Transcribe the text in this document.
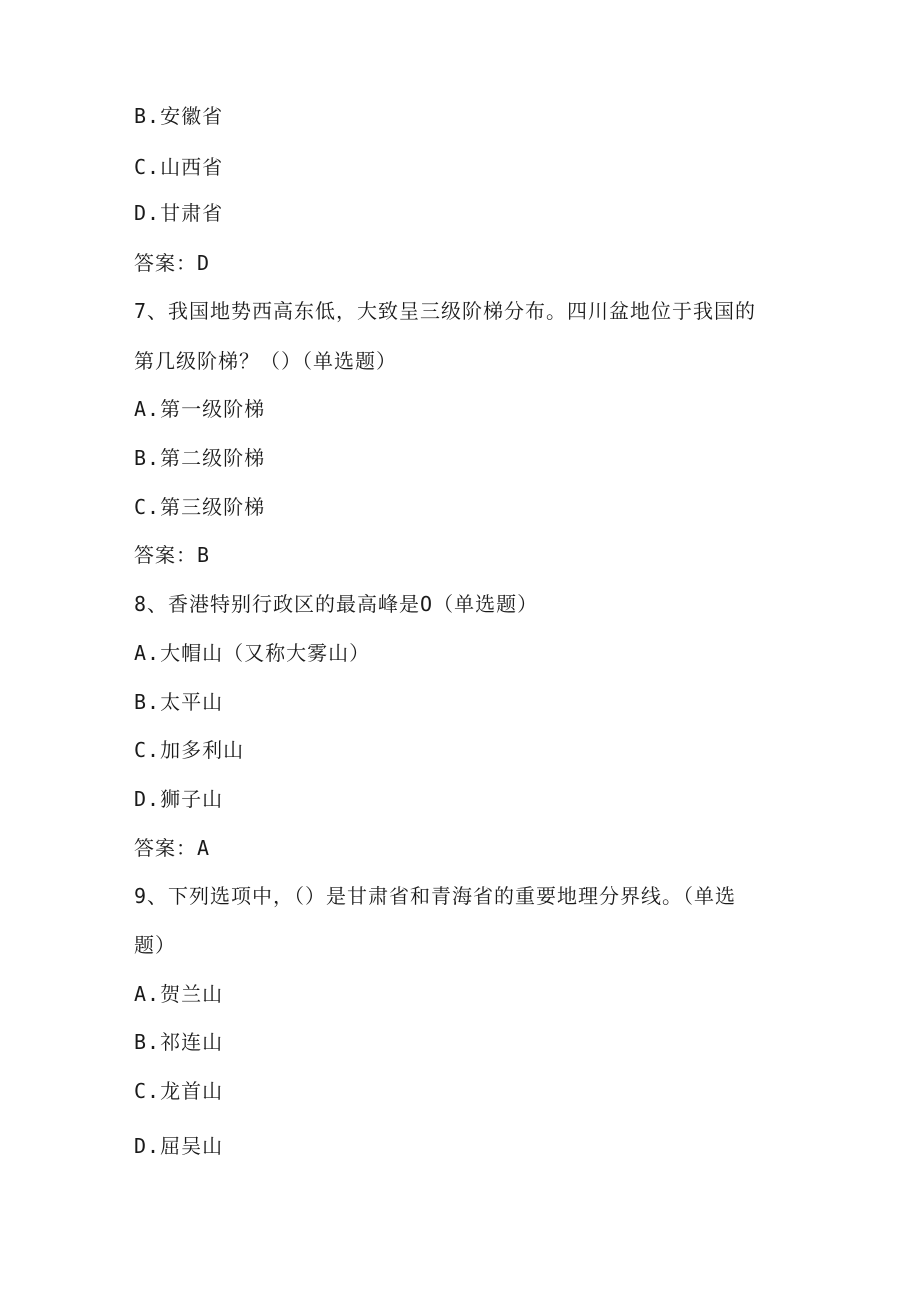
B.安徽省
C.山西省
D.甘肃省
答案：D
7、我国地势西高东低，大致呈三级阶梯分布。四川盆地位于我国的
第几级阶梯？（）（单选题）
A.第一级阶梯
B.第二级阶梯
C.第三级阶梯
答案：B
8、香港特别行政区的最高峰是O（单选题）
A.大帽山（又称大雾山）
B.太平山
C.加多利山
D.狮子山
答案：A
9、下列选项中，（）是甘肃省和青海省的重要地理分界线。（单选
题）
A.贺兰山
B.祁连山
C.龙首山
D.屈吴山
